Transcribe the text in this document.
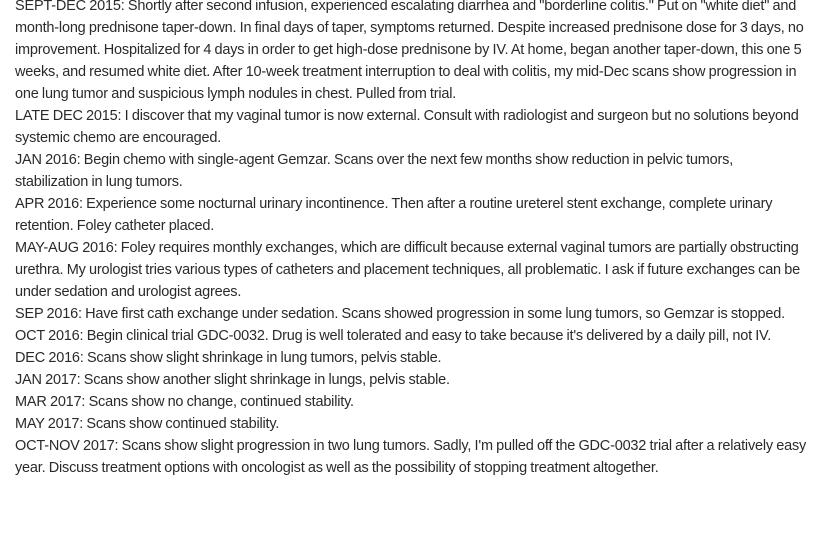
SEPT-DEC 2015: Shortly after second infusion, experienced escalating diarrhea and "borderline colitis." Put on "white diet" and month-long prednisone taper-down. In final days of taper, symptoms returned. Despite increased prednisone dose for 3 days, no improvement. Hospitalized for 4 days in order to get high-dose prednisone by IV. At home, began another taper-down, this one 5 weeks, and resumed white diet. After 10-week treatment interruption to deal with colitis, my mid-Dec scans show progression in one lung tumor and suspicious lymph nodules in chest. Pulled from trial.

LATE DEC 2015: I discover that my vaginal tumor is now external. Consult with radiologist and surgeon but no solutions beyond systemic chemo are encouraged.

JAN 2016: Begin chemo with single-agent Gemzar. Scans over the next few months show reduction in pelvic tumors, stabilization in lung tumors.

APR 2016: Experience some nocturnal urinary incontinence. Then after a routine ureterel stent exchange, complete urinary retention. Foley catheter placed.

MAY-AUG 2016: Foley requires monthly exchanges, which are difficult because external vaginal tumors are partially obstructing urethra. My urologist tries various types of catheters and placement techniques, all problematic. I ask if future exchanges can be under sedation and urologist agrees.

SEP 2016: Have first cath exchange under sedation. Scans showed progression in some lung tumors, so Gemzar is stopped.

OCT 2016: Begin clinical trial GDC-0032. Drug is well tolerated and easy to take because it's delivered by a daily pill, not IV.

DEC 2016: Scans show slight shrinkage in lung tumors, pelvis stable.

JAN 2017: Scans show another slight shrinkage in lungs, pelvis stable.

MAR 2017: Scans show no change, continued stability.

MAY 2017: Scans show continued stability.

OCT-NOV 2017: Scans show slight progression in two lung tumors. Sadly, I'm pulled off the GDC-0032 trial after a relatively easy year. Discuss treatment options with oncologist as well as the possibility of stopping treatment altogether.
